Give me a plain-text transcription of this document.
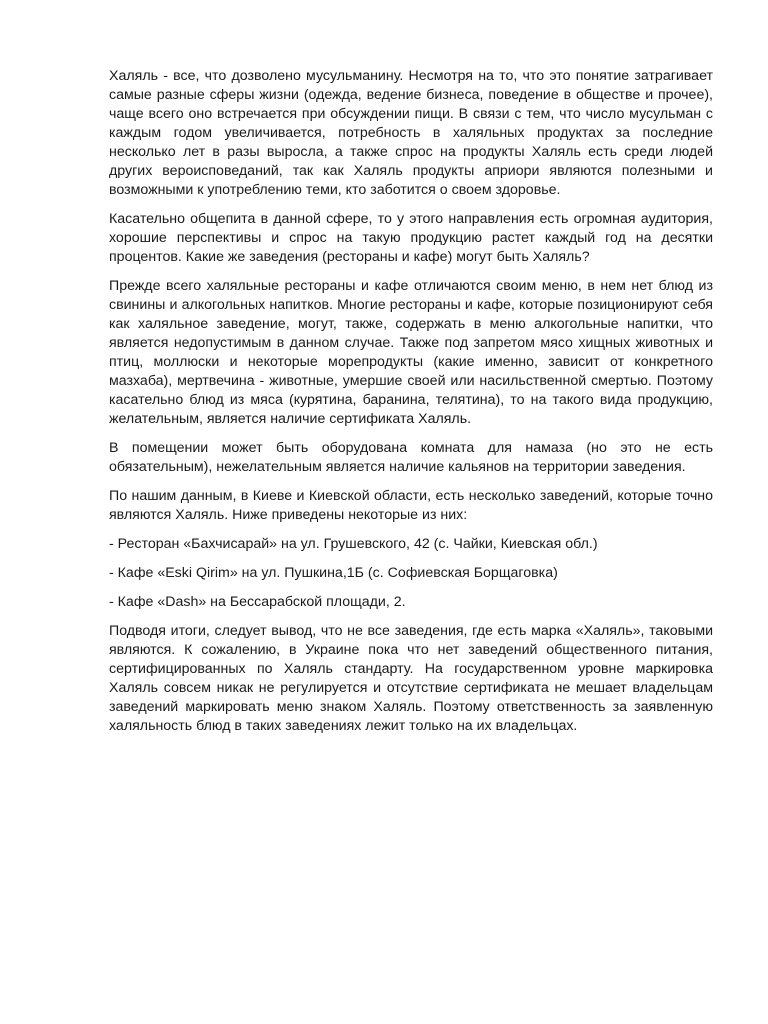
Халяль - все, что дозволено мусульманину. Несмотря на то, что это понятие затрагивает самые разные сферы жизни (одежда, ведение бизнеса, поведение в обществе и прочее), чаще всего оно встречается при обсуждении пищи. В связи с тем, что число мусульман с каждым годом увеличивается, потребность в халяльных продуктах за последние несколько лет в разы выросла, а также спрос на продукты Халяль есть среди людей других вероисповеданий, так как Халяль продукты априори являются полезными и возможными к употреблению теми, кто заботится о своем здоровье.

Касательно общепита в данной сфере, то у этого направления есть огромная аудитория, хорошие перспективы и спрос на такую продукцию растет каждый год на десятки процентов. Какие же заведения (рестораны и кафе) могут быть Халяль?

Прежде всего халяльные рестораны и кафе отличаются своим меню, в нем нет блюд из свинины и алкогольных напитков. Многие рестораны и кафе, которые позиционируют себя как халяльное заведение, могут, также, содержать в меню алкогольные напитки, что является недопустимым в данном случае. Также под запретом мясо хищных животных и птиц, моллюски и некоторые морепродукты (какие именно, зависит от конкретного мазхаба), мертвечина - животные, умершие своей или насильственной смертью. Поэтому касательно блюд из мяса (курятина, баранина, телятина), то на такого вида продукцию, желательным, является наличие сертификата Халяль.

В помещении может быть оборудована комната для намаза (но это не есть обязательным), нежелательным является наличие кальянов на территории заведения.

По нашим данным, в Киеве и Киевской области, есть несколько заведений, которые точно являются Халяль. Ниже приведены некоторые из них:

- Ресторан «Бахчисарай» на ул. Грушевского, 42 (с. Чайки, Киевская обл.)

- Кафе «Eski Qirim» на ул. Пушкина,1Б (с. Софиевская Борщаговка)

- Кафе «Dash» на Бессарабской площади, 2.

Подводя итоги, следует вывод, что не все заведения, где есть марка «Халяль», таковыми являются. К сожалению, в Украине пока что нет заведений общественного питания, сертифицированных по Халяль стандарту. На государственном уровне маркировка Халяль совсем никак не регулируется и отсутствие сертификата не мешает владельцам заведений маркировать меню знаком Халяль. Поэтому ответственность за заявленную халяльность блюд в таких заведениях лежит только на их владельцах.
